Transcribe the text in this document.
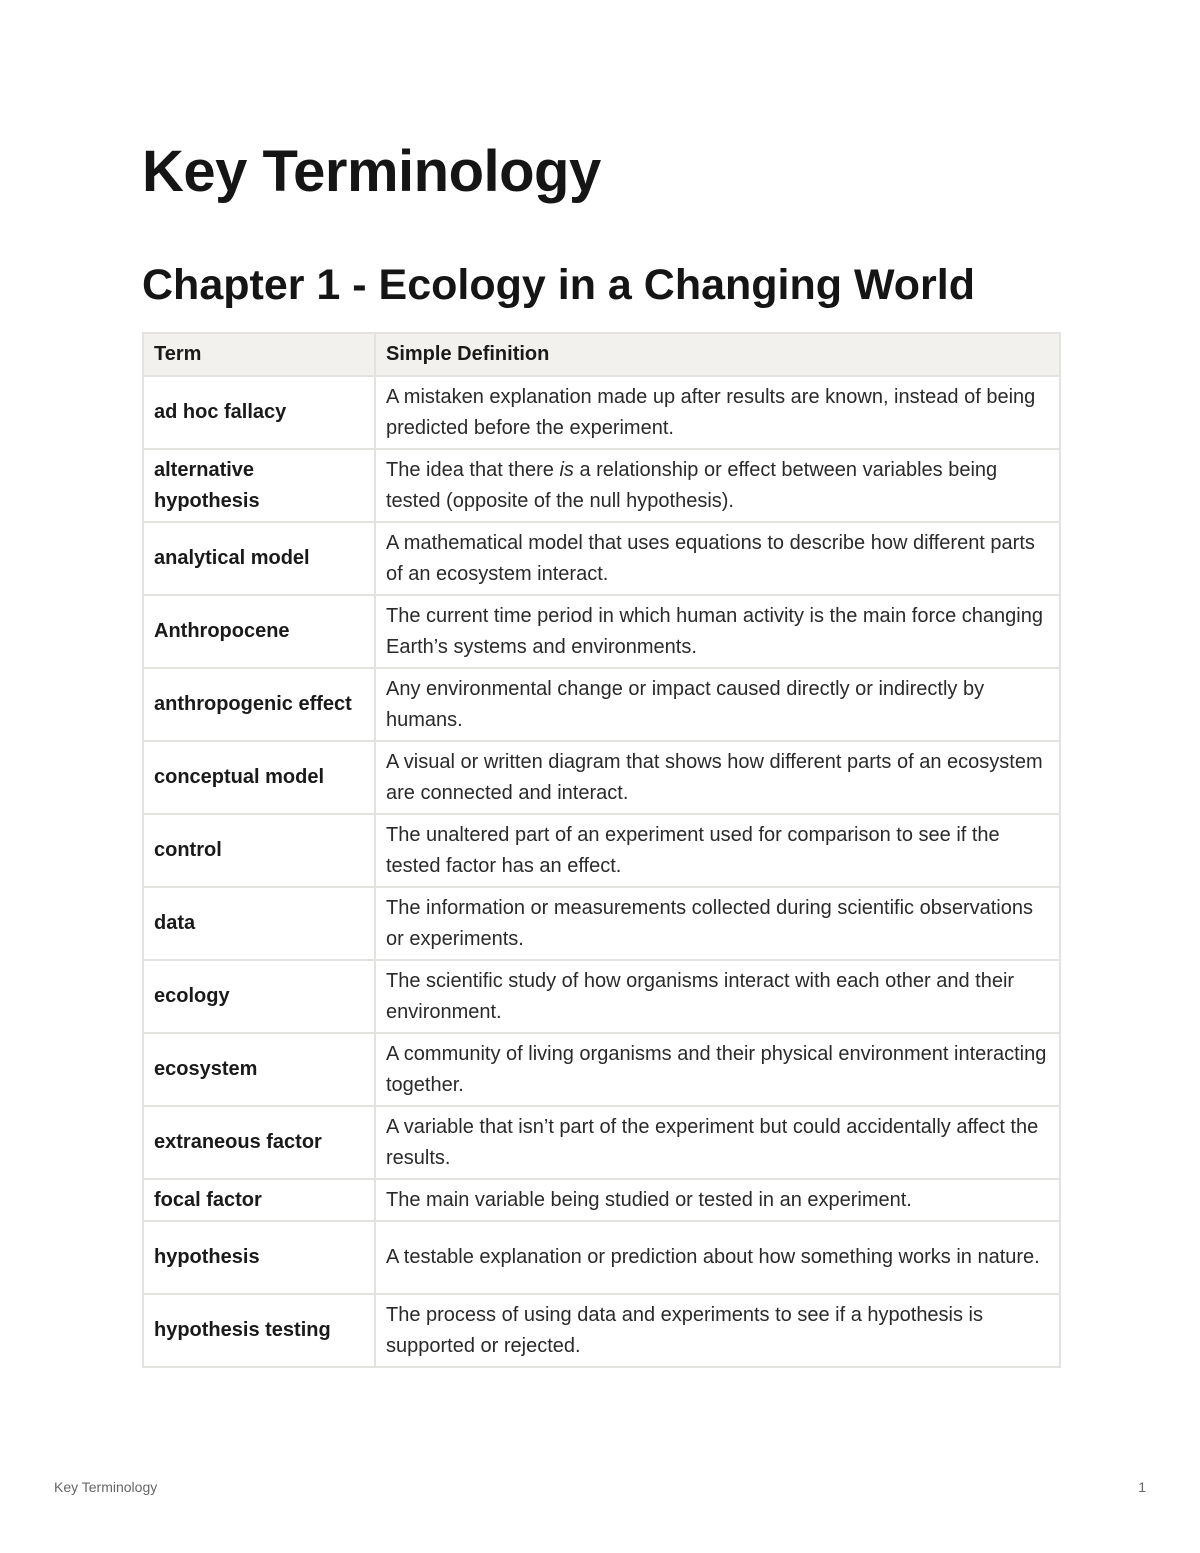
Key Terminology
Chapter 1 - Ecology in a Changing World
Term	Simple Definition
ad hoc fallacy	A mistaken explanation made up after results are known, instead of being predicted before the experiment.
alternative hypothesis	The idea that there is a relationship or effect between variables being tested (opposite of the null hypothesis).
analytical model	A mathematical model that uses equations to describe how different parts of an ecosystem interact.
Anthropocene	The current time period in which human activity is the main force changing Earth’s systems and environments.
anthropogenic effect	Any environmental change or impact caused directly or indirectly by humans.
conceptual model	A visual or written diagram that shows how different parts of an ecosystem are connected and interact.
control	The unaltered part of an experiment used for comparison to see if the tested factor has an effect.
data	The information or measurements collected during scientific observations or experiments.
ecology	The scientific study of how organisms interact with each other and their environment.
ecosystem	A community of living organisms and their physical environment interacting together.
extraneous factor	A variable that isn’t part of the experiment but could accidentally affect the results.
focal factor	The main variable being studied or tested in an experiment.
hypothesis	A testable explanation or prediction about how something works in nature.
hypothesis testing	The process of using data and experiments to see if a hypothesis is supported or rejected.
Key Terminology	1
